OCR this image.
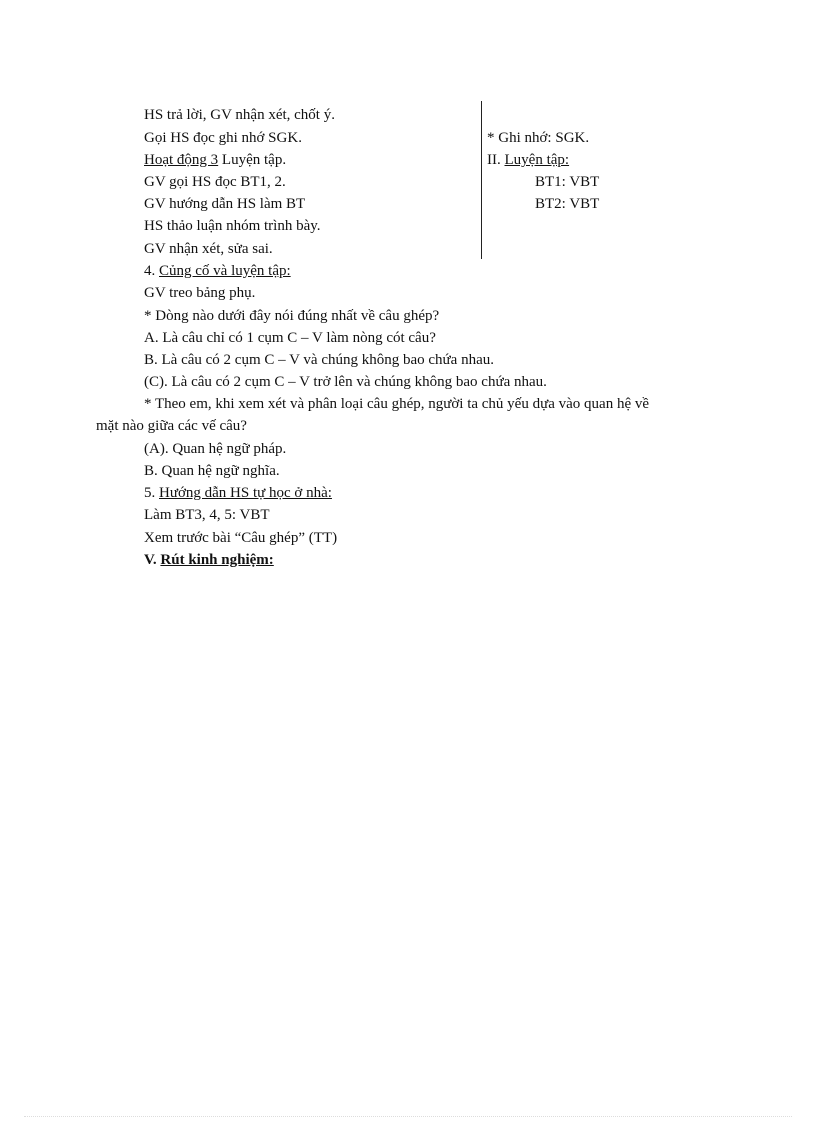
HS trả lời, GV nhận xét, chốt ý.
Gọi HS đọc ghi nhớ SGK.
Hoạt động 3 Luyện tập.
GV gọi HS đọc BT1, 2.
GV hướng dẫn HS làm BT
HS thảo luận nhóm trình bày.
GV nhận xét, sửa sai.
* Ghi nhớ: SGK.
II. Luyện tập:
BT1: VBT
BT2: VBT
4. Củng cố và luyện tập:
GV treo bảng phụ.
* Dòng nào dưới đây nói đúng nhất về câu ghép?
A. Là câu chỉ có 1 cụm C – V làm nòng cót câu?
B. Là câu có 2 cụm C – V và chúng không bao chứa nhau.
(C). Là câu có 2 cụm C – V trở lên và chúng không bao chứa nhau.
* Theo em, khi xem xét và phân loại câu ghép, người ta chủ yếu dựa vào quan hệ về
mặt nào giữa các vế câu?
(A). Quan hệ ngữ pháp.
B. Quan hệ ngữ nghĩa.
5. Hướng dẫn HS tự học ở nhà:
Làm BT3, 4, 5: VBT
Xem trước bài “Câu ghép” (TT)
V. Rút kinh nghiệm:
